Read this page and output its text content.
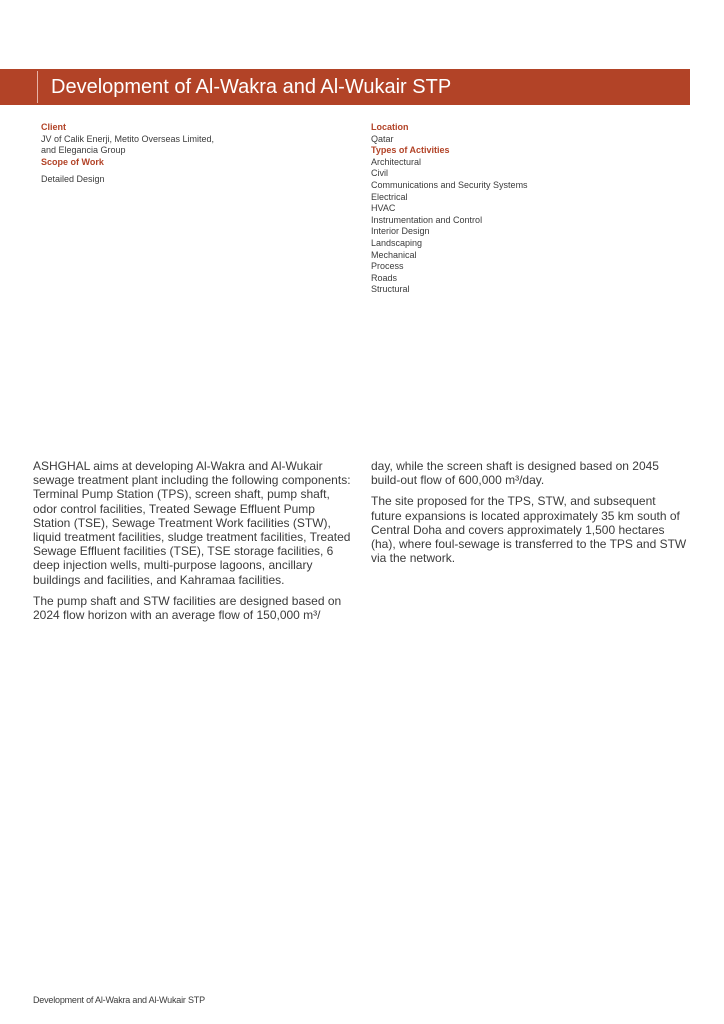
Development of Al-Wakra and Al-Wukair STP
Client
JV of Calik Enerji, Metito Overseas Limited,
and Elegancia Group
Scope of Work
Detailed Design
Location
Qatar
Types of Activities
Architectural
Civil
Communications and Security Systems
Electrical
HVAC
Instrumentation and Control
Interior Design
Landscaping
Mechanical
Process
Roads
Structural

ASHGHAL aims at developing Al-Wakra and Al-Wukair sewage treatment plant including the following components: Terminal Pump Station (TPS), screen shaft, pump shaft, odor control facilities, Treated Sewage Effluent Pump Station (TSE), Sewage Treatment Work facilities (STW), liquid treatment facilities, sludge treatment facilities, Treated Sewage Effluent facilities (TSE), TSE storage facilities, 6 deep injection wells, multi-purpose lagoons, ancillary buildings and facilities, and Kahramaa facilities.

The pump shaft and STW facilities are designed based on 2024 flow horizon with an average flow of 150,000 m³/

day, while the screen shaft is designed based on 2045 build-out flow of 600,000 m³/day.

The site proposed for the TPS, STW, and subsequent future expansions is located approximately 35 km south of Central Doha and covers approximately 1,500 hectares (ha), where foul-sewage is transferred to the TPS and STW via the network.

Development of Al-Wakra and Al-Wukair STP
